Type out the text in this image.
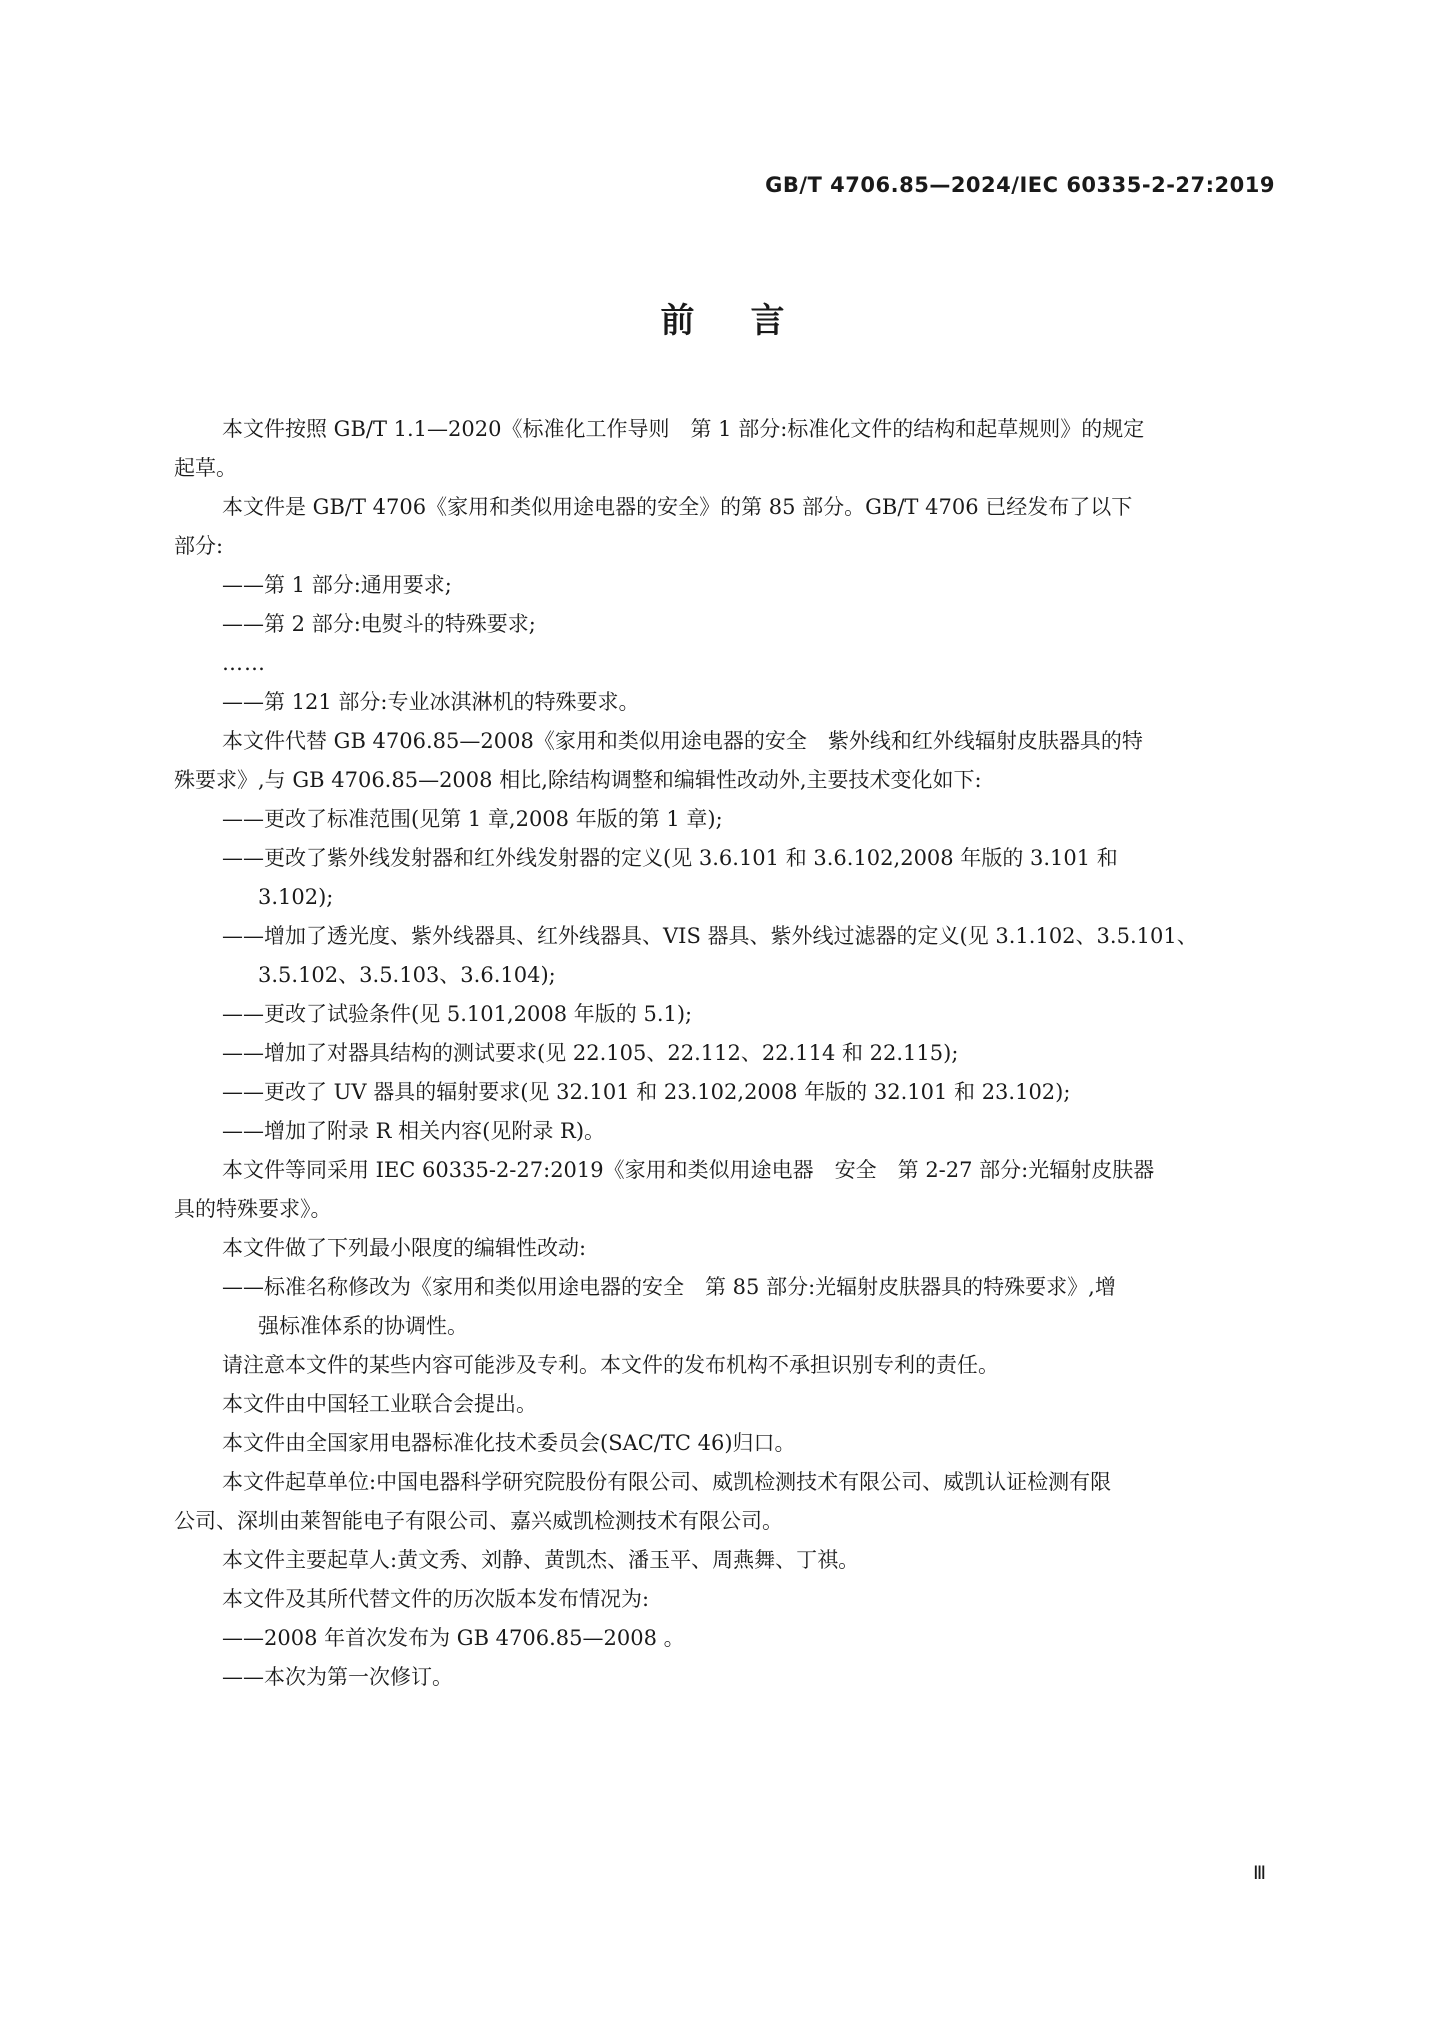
GB/T 4706.85—2024/IEC 60335-2-27:2019
前言
本文件按照 GB/T 1.1—2020《标准化工作导则　第 1 部分:标准化文件的结构和起草规则》的规定
起草。
本文件是 GB/T 4706《家用和类似用途电器的安全》的第 85 部分。GB/T 4706 已经发布了以下
部分:
——第 1 部分:通用要求;
——第 2 部分:电熨斗的特殊要求;
……
——第 121 部分:专业冰淇淋机的特殊要求。
本文件代替 GB 4706.85—2008《家用和类似用途电器的安全　紫外线和红外线辐射皮肤器具的特
殊要求》,与 GB 4706.85—2008 相比,除结构调整和编辑性改动外,主要技术变化如下:
——更改了标准范围(见第 1 章,2008 年版的第 1 章);
——更改了紫外线发射器和红外线发射器的定义(见 3.6.101 和 3.6.102,2008 年版的 3.101 和
3.102);
——增加了透光度、紫外线器具、红外线器具、VIS 器具、紫外线过滤器的定义(见 3.1.102、3.5.101、
3.5.102、3.5.103、3.6.104);
——更改了试验条件(见 5.101,2008 年版的 5.1);
——增加了对器具结构的测试要求(见 22.105、22.112、22.114 和 22.115);
——更改了 UV 器具的辐射要求(见 32.101 和 23.102,2008 年版的 32.101 和 23.102);
——增加了附录 R 相关内容(见附录 R)。
本文件等同采用 IEC 60335-2-27:2019《家用和类似用途电器　安全　第 2-27 部分:光辐射皮肤器
具的特殊要求》。
本文件做了下列最小限度的编辑性改动:
——标准名称修改为《家用和类似用途电器的安全　第 85 部分:光辐射皮肤器具的特殊要求》,增
强标准体系的协调性。
请注意本文件的某些内容可能涉及专利。本文件的发布机构不承担识别专利的责任。
本文件由中国轻工业联合会提出。
本文件由全国家用电器标准化技术委员会(SAC/TC 46)归口。
本文件起草单位:中国电器科学研究院股份有限公司、威凯检测技术有限公司、威凯认证检测有限
公司、深圳由莱智能电子有限公司、嘉兴威凯检测技术有限公司。
本文件主要起草人:黄文秀、刘静、黄凯杰、潘玉平、周燕舞、丁祺。
本文件及其所代替文件的历次版本发布情况为:
——2008 年首次发布为 GB 4706.85—2008 。
——本次为第一次修订。
Ⅲ
